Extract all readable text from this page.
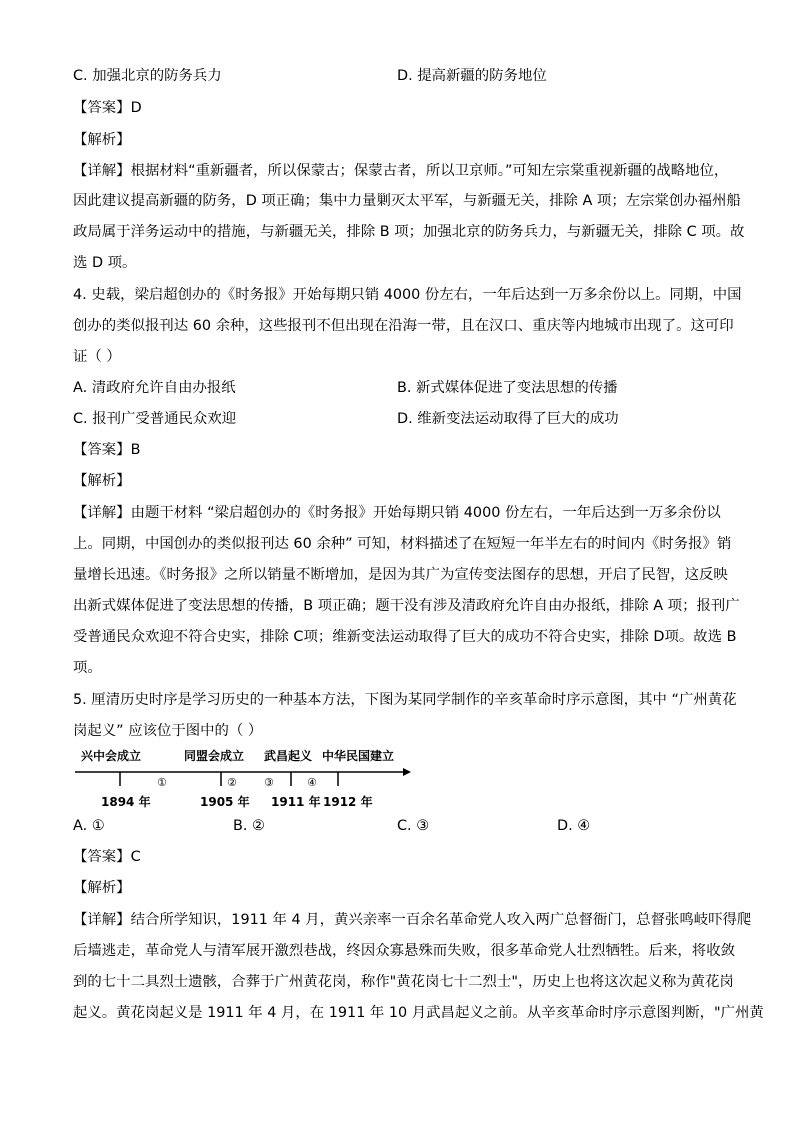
C. 加强北京的防务兵力	D. 提高新疆的防务地位
【答案】D
【解析】
【详解】根据材料“重新疆者，所以保蒙古；保蒙古者，所以卫京师。”可知左宗棠重视新疆的战略地位，
因此建议提高新疆的防务，D 项正确；集中力量剿灭太平军，与新疆无关，排除 A 项；左宗棠创办福州船
政局属于洋务运动中的措施，与新疆无关，排除 B 项；加强北京的防务兵力，与新疆无关，排除 C 项。故
选 D 项。
4. 史载，梁启超创办的《时务报》开始每期只销 4000 份左右，一年后达到一万多余份以上。同期，中国
创办的类似报刊达 60 余种，这些报刊不但出现在沿海一带，且在汉口、重庆等内地城市出现了。这可印
证（ ）
A. 清政府允许自由办报纸	B. 新式媒体促进了变法思想的传播
C. 报刊广受普通民众欢迎	D. 维新变法运动取得了巨大的成功
【答案】B
【解析】
【详解】由题干材料 “梁启超创办的《时务报》开始每期只销 4000 份左右，一年后达到一万多余份以
上。同期，中国创办的类似报刊达 60 余种” 可知，材料描述了在短短一年半左右的时间内《时务报》销
量增长迅速。《时务报》之所以销量不断增加，是因为其广为宣传变法图存的思想，开启了民智，这反映
出新式媒体促进了变法思想的传播，B 项正确；题干没有涉及清政府允许自由办报纸，排除 A 项；报刊广
受普通民众欢迎不符合史实，排除 C项；维新变法运动取得了巨大的成功不符合史实，排除 D项。故选 B
项。
5. 厘清历史时序是学习历史的一种基本方法，下图为某同学制作的辛亥革命时序示意图，其中 “广州黄花
岗起义” 应该位于图中的（ ）
兴中会成立	同盟会成立 武昌起义 中华民国建立
①	② ③	④
1894 年	1905 年 1911 年 1912 年
A. ①	B. ②	C. ③	D. ④
【答案】C
【解析】
【详解】结合所学知识，1911 年 4 月，黄兴亲率一百余名革命党人攻入两广总督衙门，总督张鸣岐吓得爬
后墙逃走，革命党人与清军展开激烈巷战，终因众寡悬殊而失败，很多革命党人壮烈牺牲。后来，将收敛
到的七十二具烈士遗骸，合葬于广州黄花岗，称作"黄花岗七十二烈士"，历史上也将这次起义称为黄花岗
起义。黄花岗起义是 1911 年 4 月，在 1911 年 10 月武昌起义之前。从辛亥革命时序示意图判断，"广州黄
